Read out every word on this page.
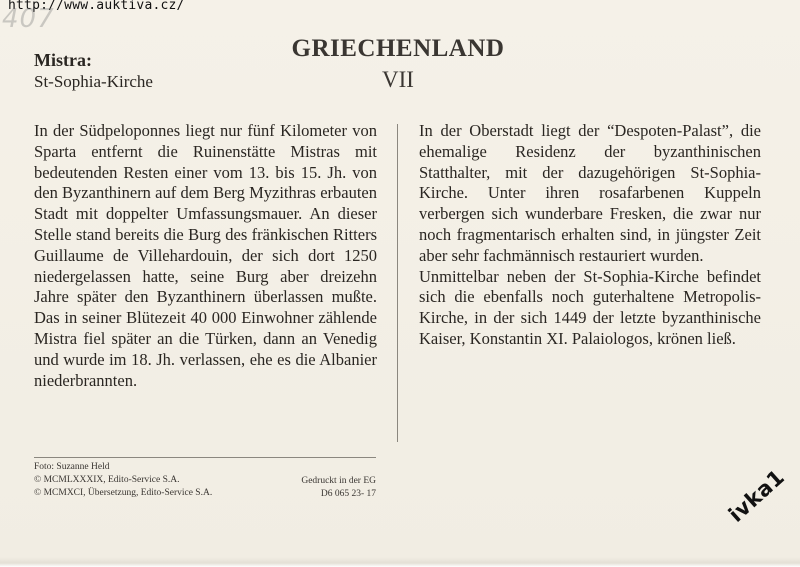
http://www.auktiva.cz/
407
Mistra:
St-Sophia-Kirche
GRIECHENLAND
VII

In der Südpeloponnes liegt nur fünf Kilometer von Sparta entfernt die Ruinenstätte Mistras mit bedeutenden Resten einer vom 13. bis 15. Jh. von den Byzanthinern auf dem Berg Myzithras erbauten Stadt mit doppelter Umfassungsmauer. An dieser Stelle stand bereits die Burg des fränkischen Ritters Guillaume de Villehardouin, der sich dort 1250 niedergelassen hatte, seine Burg aber dreizehn Jahre später den Byzanthinern überlassen mußte. Das in seiner Blütezeit 40 000 Einwohner zählende Mistra fiel später an die Türken, dann an Venedig und wurde im 18. Jh. verlassen, ehe es die Albanier niederbrannten.

In der Oberstadt liegt der “Despoten-Palast”, die ehemalige Residenz der byzanthinischen Statthalter, mit der dazugehörigen St-Sophia-Kirche. Unter ihren rosafarbenen Kuppeln verbergen sich wunderbare Fresken, die zwar nur noch fragmentarisch erhalten sind, in jüngster Zeit aber sehr fachmännisch restauriert wurden.

Unmittelbar neben der St-Sophia-Kirche befindet sich die ebenfalls noch guterhaltene Metropolis-Kirche, in der sich 1449 der letzte byzanthinische Kaiser, Konstantin XI. Palaiologos, krönen ließ.

Foto: Suzanne Held
© MCMLXXXIX, Edito-Service S.A.
© MCMXCI, Übersetzung, Edito-Service S.A.
Gedruckt in der EG
D6 065 23- 17	ivka1
